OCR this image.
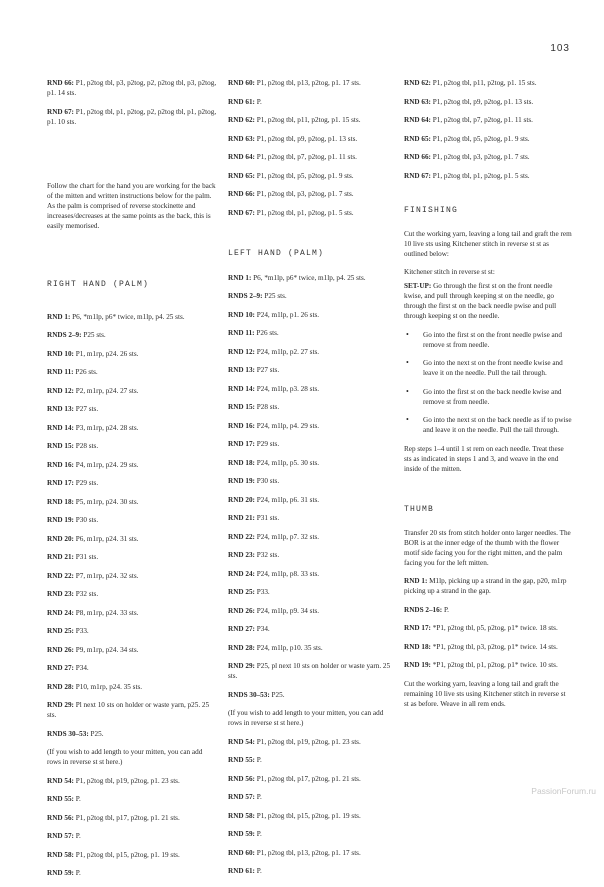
103
RND 66: P1, p2tog tbl, p3, p2tog, p2, p2tog tbl, p3, p2tog, p1. 14 sts.
RND 67: P1, p2tog tbl, p1, p2tog, p2, p2tog tbl, p1, p2tog, p1. 10 sts.
Follow the chart for the hand you are working for the back of the mitten and written instructions below for the palm. As the palm is comprised of reverse stockinette and increases/decreases at the same points as the back, this is easily memorised.
RIGHT HAND (PALM)
RND 1: P6, *m1lp, p6* twice, m1lp, p4. 25 sts.
RNDS 2–9: P25 sts.
RND 10: P1, m1rp, p24. 26 sts.
RND 11: P26 sts.
RND 12: P2, m1rp, p24. 27 sts.
RND 13: P27 sts.
RND 14: P3, m1rp, p24. 28 sts.
RND 15: P28 sts.
RND 16: P4, m1rp, p24. 29 sts.
RND 17: P29 sts.
RND 18: P5, m1rp, p24. 30 sts.
RND 19: P30 sts.
RND 20: P6, m1rp, p24. 31 sts.
RND 21: P31 sts.
RND 22: P7, m1rp, p24. 32 sts.
RND 23: P32 sts.
RND 24: P8, m1rp, p24. 33 sts.
RND 25: P33.
RND 26: P9, m1rp, p24. 34 sts.
RND 27: P34.
RND 28: P10, m1rp, p24. 35 sts.
RND 29: Pl next 10 sts on holder or waste yarn, p25. 25 sts.
RNDS 30–53: P25.
(If you wish to add length to your mitten, you can add rows in reverse st st here.)
RND 54: P1, p2tog tbl, p19, p2tog, p1. 23 sts.
RND 55: P.
RND 56: P1, p2tog tbl, p17, p2tog, p1. 21 sts.
RND 57: P.
RND 58: P1, p2tog tbl, p15, p2tog, p1. 19 sts.
RND 59: P.
RND 60: P1, p2tog tbl, p13, p2tog, p1. 17 sts.
RND 61: P.
RND 62: P1, p2tog tbl, p11, p2tog, p1. 15 sts.
RND 63: P1, p2tog tbl, p9, p2tog, p1. 13 sts.
RND 64: P1, p2tog tbl, p7, p2tog, p1. 11 sts.
RND 65: P1, p2tog tbl, p5, p2tog, p1. 9 sts.
RND 66: P1, p2tog tbl, p3, p2tog, p1. 7 sts.
RND 67: P1, p2tog tbl, p1, p2tog, p1. 5 sts.
LEFT HAND (PALM)
RND 1: P6, *m1lp, p6* twice, m1lp, p4. 25 sts.
RNDS 2–9: P25 sts.
RND 10: P24, m1lp, p1. 26 sts.
RND 11: P26 sts.
RND 12: P24, m1lp, p2. 27 sts.
RND 13: P27 sts.
RND 14: P24, m1lp, p3. 28 sts.
RND 15: P28 sts.
RND 16: P24, m1lp, p4. 29 sts.
RND 17: P29 sts.
RND 18: P24, m1lp, p5. 30 sts.
RND 19: P30 sts.
RND 20: P24, m1lp, p6. 31 sts.
RND 21: P31 sts.
RND 22: P24, m1lp, p7. 32 sts.
RND 23: P32 sts.
RND 24: P24, m1lp, p8. 33 sts.
RND 25: P33.
RND 26: P24, m1lp, p9. 34 sts.
RND 27: P34.
RND 28: P24, m1lp, p10. 35 sts.
RND 29: P25, pl next 10 sts on holder or waste yarn. 25 sts.
RNDS 30–53: P25.
(If you wish to add length to your mitten, you can add rows in reverse st st here.)
RND 54: P1, p2tog tbl, p19, p2tog, p1. 23 sts.
RND 55: P.
RND 56: P1, p2tog tbl, p17, p2tog, p1. 21 sts.
RND 57: P.
RND 58: P1, p2tog tbl, p15, p2tog, p1. 19 sts.
RND 59: P.
RND 60: P1, p2tog tbl, p13, p2tog, p1. 17 sts.
RND 61: P.
RND 62: P1, p2tog tbl, p11, p2tog, p1. 15 sts.
RND 63: P1, p2tog tbl, p9, p2tog, p1. 13 sts.
RND 64: P1, p2tog tbl, p7, p2tog, p1. 11 sts.
RND 65: P1, p2tog tbl, p5, p2tog, p1. 9 sts.
RND 66: P1, p2tog tbl, p3, p2tog, p1. 7 sts.
RND 67: P1, p2tog tbl, p1, p2tog, p1. 5 sts.
FINISHING
Cut the working yarn, leaving a long tail and graft the rem 10 live sts using Kitchener stitch in reverse st st as outlined below:
Kitchener stitch in reverse st st:
SET-UP: Go through the first st on the front needle kwise, and pull through keeping st on the needle, go through the first st on the back needle pwise and pull through keeping st on the needle.
• Go into the first st on the front needle pwise and remove st from needle.
• Go into the next st on the front needle kwise and leave it on the needle. Pull the tail through.
• Go into the first st on the back needle kwise and remove st from needle.
• Go into the next st on the back needle as if to pwise and leave it on the needle. Pull the tail through.
Rep steps 1–4 until 1 st rem on each needle. Treat these sts as indicated in steps 1 and 3, and weave in the end inside of the mitten.
THUMB
Transfer 20 sts from stitch holder onto larger needles. The BOR is at the inner edge of the thumb with the flower motif side facing you for the right mitten, and the palm facing you for the left mitten.
RND 1: M1lp, picking up a strand in the gap, p20, m1rp picking up a strand in the gap.
RNDS 2–16: P.
RND 17: *P1, p2tog tbl, p5, p2tog, p1* twice. 18 sts.
RND 18: *P1, p2tog tbl, p3, p2tog, p1* twice. 14 sts.
RND 19: *P1, p2tog tbl, p1, p2tog, p1* twice. 10 sts.
Cut the working yarn, leaving a long tail and graft the remaining 10 live sts using Kitchener stitch in reverse st st as before. Weave in all rem ends.
PassionForum.ru
